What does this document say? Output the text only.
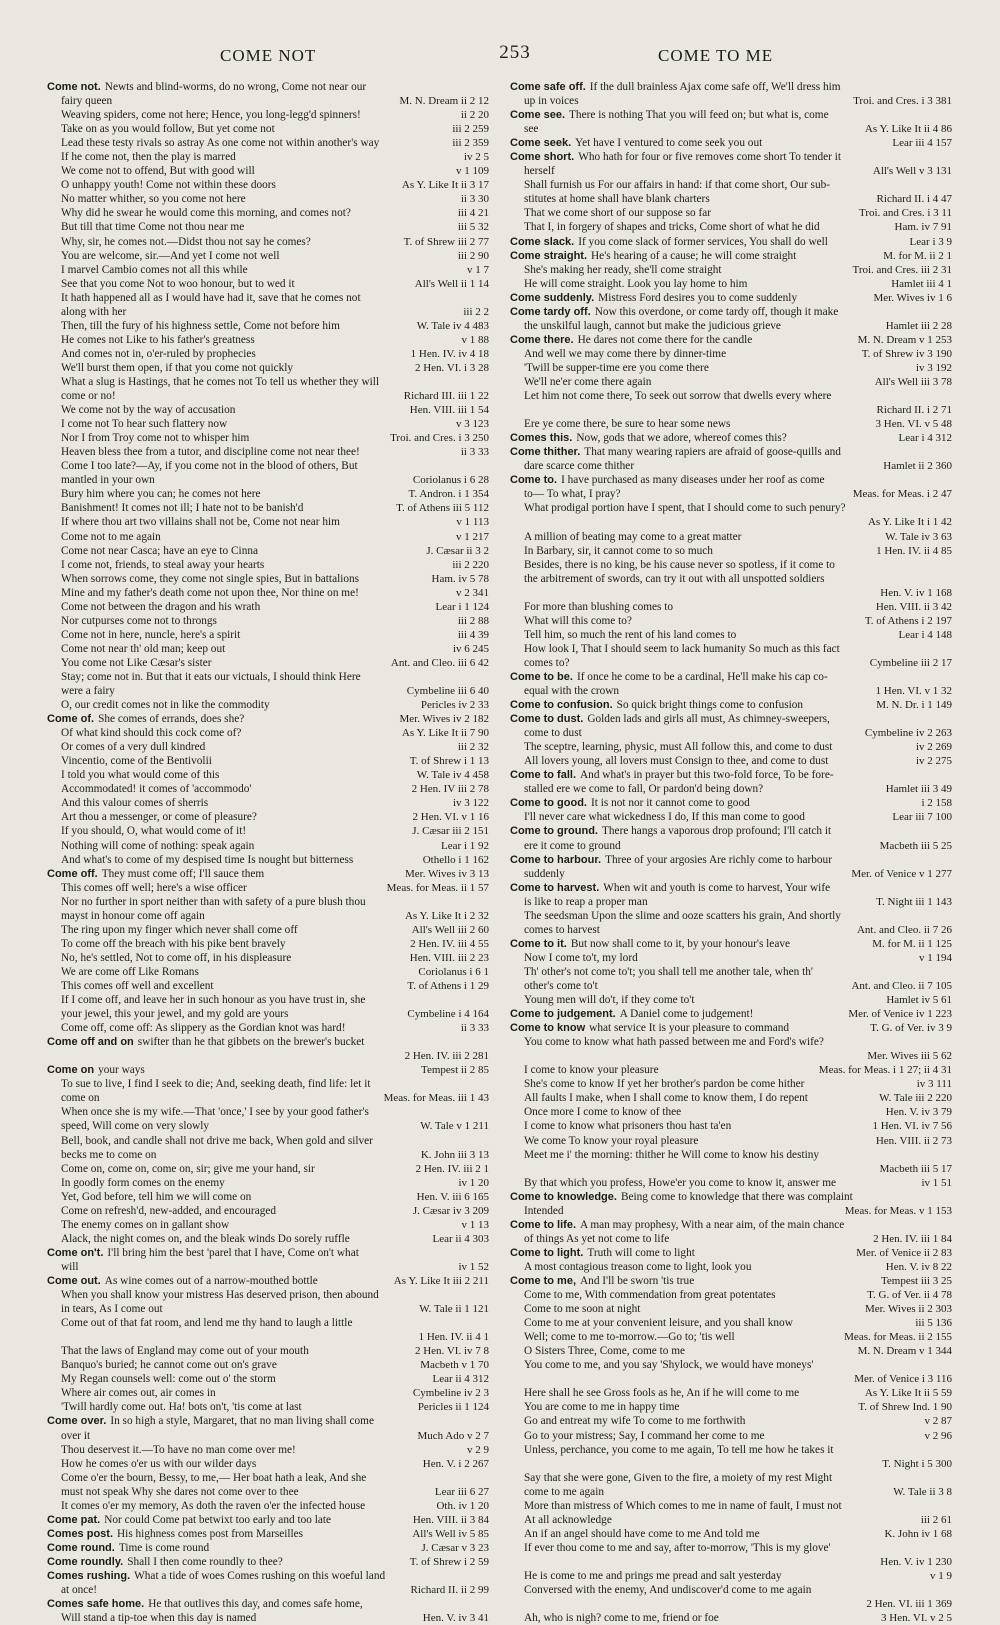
COME NOT	253	COME TO ME
Come not. Newts and blind-worms, do no wrong, Come not near our
fairy queen	M. N. Dream ii 2 12
Weaving spiders, come not here; Hence, you long-legg'd spinners!	ii 2 20
Take on as you would follow, But yet come not	iii 2 259
Lead these testy rivals so astray As one come not within another's way	iii 2 359
If he come not, then the play is marred	iv 2 5
We come not to offend, But with good will	v 1 109
O unhappy youth! Come not within these doors	As Y. Like It ii 3 17
No matter whither, so you come not here	ii 3 30
Why did he swear he would come this morning, and comes not?	iii 4 21
But till that time Come not thou near me	iii 5 32
Why, sir, he comes not.—Didst thou not say he comes?	T. of Shrew iii 2 77
You are welcome, sir.—And yet I come not well	iii 2 90
I marvel Cambio comes not all this while	v 1 7
See that you come Not to woo honour, but to wed it	All's Well ii 1 14
It hath happened all as I would have had it, save that he comes not
along with her	iii 2 2
Then, till the fury of his highness settle, Come not before him	W. Tale iv 4 483
He comes not Like to his father's greatness	v 1 88
And comes not in, o'er-ruled by prophecies	1 Hen. IV. iv 4 18
We'll burst them open, if that you come not quickly	2 Hen. VI. i 3 28
What a slug is Hastings, that he comes not To tell us whether they will
come or no!	Richard III. iii 1 22
We come not by the way of accusation	Hen. VIII. iii 1 54
I come not To hear such flattery now	v 3 123
Nor I from Troy come not to whisper him	Troi. and Cres. i 3 250
Heaven bless thee from a tutor, and discipline come not near thee!	ii 3 33
Come I too late?—Ay, if you come not in the blood of others, But
mantled in your own	Coriolanus i 6 28
Bury him where you can; he comes not here	T. Andron. i 1 354
Banishment! It comes not ill; I hate not to be banish'd	T. of Athens iii 5 112
If where thou art two villains shall not be, Come not near him	v 1 113
Come not to me again	v 1 217
Come not near Casca; have an eye to Cinna	J. Cæsar ii 3 2
I come not, friends, to steal away your hearts	iii 2 220
When sorrows come, they come not single spies, But in battalions	Ham. iv 5 78
Mine and my father's death come not upon thee, Nor thine on me!	v 2 341
Come not between the dragon and his wrath	Lear i 1 124
Nor cutpurses come not to throngs	iii 2 88
Come not in here, nuncle, here's a spirit	iii 4 39
Come not near th' old man; keep out	iv 6 245
You come not Like Cæsar's sister	Ant. and Cleo. iii 6 42
Stay; come not in. But that it eats our victuals, I should think Here
were a fairy	Cymbeline iii 6 40
O, our credit comes not in like the commodity	Pericles iv 2 33
Come of. She comes of errands, does she?	Mer. Wives iv 2 182
Of what kind should this cock come of?	As Y. Like It ii 7 90
Or comes of a very dull kindred	iii 2 32
Vincentio, come of the Bentivolii	T. of Shrew i 1 13
I told you what would come of this	W. Tale iv 4 458
Accommodated! it comes of 'accommodo'	2 Hen. IV iii 2 78
And this valour comes of sherris	iv 3 122
Art thou a messenger, or come of pleasure?	2 Hen. VI. v 1 16
If you should, O, what would come of it!	J. Cæsar iii 2 151
Nothing will come of nothing: speak again	Lear i 1 92
And what's to come of my despised time Is nought but bitterness	Othello i 1 162
Come off. They must come off; I'll sauce them	Mer. Wives iv 3 13
This comes off well; here's a wise officer	Meas. for Meas. ii 1 57
Nor no further in sport neither than with safety of a pure blush thou
mayst in honour come off again	As Y. Like It i 2 32
The ring upon my finger which never shall come off	All's Well iii 2 60
To come off the breach with his pike bent bravely	2 Hen. IV. iii 4 55
No, he's settled, Not to come off, in his displeasure	Hen. VIII. iii 2 23
We are come off Like Romans	Coriolanus i 6 1
This comes off well and excellent	T. of Athens i 1 29
If I come off, and leave her in such honour as you have trust in, she
your jewel, this your jewel, and my gold are yours	Cymbeline i 4 164
Come off, come off: As slippery as the Gordian knot was hard!	ii 3 33
Come off and on swifter than he that gibbets on the brewer's bucket
2 Hen. IV. iii 2 281
Come on your ways	Tempest ii 2 85
To sue to live, I find I seek to die; And, seeking death, find life: let it
come on	Meas. for Meas. iii 1 43
When once she is my wife.—That 'once,' I see by your good father's
speed, Will come on very slowly	W. Tale v 1 211
Bell, book, and candle shall not drive me back, When gold and silver
becks me to come on	K. John iii 3 13
Come on, come on, come on, sir; give me your hand, sir	2 Hen. IV. iii 2 1
In goodly form comes on the enemy	iv 1 20
Yet, God before, tell him we will come on	Hen. V. iii 6 165
Come on refresh'd, new-added, and encouraged	J. Cæsar iv 3 209
The enemy comes on in gallant show	v 1 13
Alack, the night comes on, and the bleak winds Do sorely ruffle	Lear ii 4 303
Come on't. I'll bring him the best 'parel that I have, Come on't what
will	iv 1 52
Come out. As wine comes out of a narrow-mouthed bottle	As Y. Like It iii 2 211
When you shall know your mistress Has deserved prison, then abound
in tears, As I come out	W. Tale ii 1 121
Come out of that fat room, and lend me thy hand to laugh a little
1 Hen. IV. ii 4 1
That the laws of England may come out of your mouth	2 Hen. VI. iv 7 8
Banquo's buried; he cannot come out on's grave	Macbeth v 1 70
My Regan counsels well: come out o' the storm	Lear ii 4 312
Where air comes out, air comes in	Cymbeline iv 2 3
'Twill hardly come out. Ha! bots on't, 'tis come at last	Pericles ii 1 124
Come over. In so high a style, Margaret, that no man living shall come
over it	Much Ado v 2 7
Thou deservest it.—To have no man come over me!	v 2 9
How he comes o'er us with our wilder days	Hen. V. i 2 267
Come o'er the bourn, Bessy, to me,— Her boat hath a leak, And she
must not speak Why she dares not come over to thee	Lear iii 6 27
It comes o'er my memory, As doth the raven o'er the infected house	Oth. iv 1 20
Come pat. Nor could Come pat betwixt too early and too late	Hen. VIII. ii 3 84
Comes post. His highness comes post from Marseilles	All's Well iv 5 85
Come round. Time is come round	J. Cæsar v 3 23
Come roundly. Shall I then come roundly to thee?	T. of Shrew i 2 59
Comes rushing. What a tide of woes Comes rushing on this woeful land
at once!	Richard II. ii 2 99
Comes safe home. He that outlives this day, and comes safe home,
Will stand a tip-toe when this day is named	Hen. V. iv 3 41
Come safe off. If the dull brainless Ajax come safe off, We'll dress him
up in voices	Troi. and Cres. i 3 381
Come see. There is nothing That you will feed on; but what is, come
see	As Y. Like It ii 4 86
Come seek. Yet have I ventured to come seek you out	Lear iii 4 157
Come short. Who hath for four or five removes come short To tender it
herself	All's Well v 3 131
Shall furnish us For our affairs in hand: if that come short, Our sub-
stitutes at home shall have blank charters	Richard II. i 4 47
That we come short of our suppose so far	Troi. and Cres. i 3 11
That I, in forgery of shapes and tricks, Come short of what he did	Ham. iv 7 91
Come slack. If you come slack of former services, You shall do well	Lear i 3 9
Come straight. He's hearing of a cause; he will come straight	M. for M. ii 2 1
She's making her ready, she'll come straight	Troi. and Cres. iii 2 31
He will come straight. Look you lay home to him	Hamlet iii 4 1
Come suddenly. Mistress Ford desires you to come suddenly	Mer. Wives iv 1 6
Come tardy off. Now this overdone, or come tardy off, though it make
the unskilful laugh, cannot but make the judicious grieve	Hamlet iii 2 28
Come there. He dares not come there for the candle	M. N. Dream v 1 253
And well we may come there by dinner-time	T. of Shrew iv 3 190
'Twill be supper-time ere you come there	iv 3 192
We'll ne'er come there again	All's Well iii 3 78
Let him not come there, To seek out sorrow that dwells every where
Richard II. i 2 71
Ere ye come there, be sure to hear some news	3 Hen. VI. v 5 48
Comes this. Now, gods that we adore, whereof comes this?	Lear i 4 312
Come thither. That many wearing rapiers are afraid of goose-quills and
dare scarce come thither	Hamlet ii 2 360
Come to. I have purchased as many diseases under her roof as come
to— To what, I pray?	Meas. for Meas. i 2 47
What prodigal portion have I spent, that I should come to such penury?
As Y. Like It i 1 42
A million of beating may come to a great matter	W. Tale iv 3 63
In Barbary, sir, it cannot come to so much	1 Hen. IV. ii 4 85
Besides, there is no king, be his cause never so spotless, if it come to
the arbitrement of swords, can try it out with all unspotted soldiers
Hen. V. iv 1 168
For more than blushing comes to	Hen. VIII. ii 3 42
What will this come to?	T. of Athens i 2 197
Tell him, so much the rent of his land comes to	Lear i 4 148
How look I, That I should seem to lack humanity So much as this fact
comes to?	Cymbeline iii 2 17
Come to be. If once he come to be a cardinal, He'll make his cap co-
equal with the crown	1 Hen. VI. v 1 32
Come to confusion. So quick bright things come to confusion	M. N. Dr. i 1 149
Come to dust. Golden lads and girls all must, As chimney-sweepers,
come to dust	Cymbeline iv 2 263
The sceptre, learning, physic, must All follow this, and come to dust	iv 2 269
All lovers young, all lovers must Consign to thee, and come to dust	iv 2 275
Come to fall. And what's in prayer but this two-fold force, To be fore-
stalled ere we come to fall, Or pardon'd being down?	Hamlet iii 3 49
Come to good. It is not nor it cannot come to good	i 2 158
I'll never care what wickedness I do, If this man come to good	Lear iii 7 100
Come to ground. There hangs a vaporous drop profound; I'll catch it
ere it come to ground	Macbeth iii 5 25
Come to harbour. Three of your argosies Are richly come to harbour
suddenly	Mer. of Venice v 1 277
Come to harvest. When wit and youth is come to harvest, Your wife
is like to reap a proper man	T. Night iii 1 143
The seedsman Upon the slime and ooze scatters his grain, And shortly
comes to harvest	Ant. and Cleo. ii 7 26
Come to it. But now shall come to it, by your honour's leave	M. for M. ii 1 125
Now I come to't, my lord	v 1 194
Th' other's not come to't; you shall tell me another tale, when th'
other's come to't	Ant. and Cleo. ii 7 105
Young men will do't, if they come to't	Hamlet iv 5 61
Come to judgement. A Daniel come to judgement!	Mer. of Venice iv 1 223
Come to know what service It is your pleasure to command	T. G. of Ver. iv 3 9
You come to know what hath passed between me and Ford's wife?
Mer. Wives iii 5 62
I come to know your pleasure	Meas. for Meas. i 1 27; ii 4 31
She's come to know If yet her brother's pardon be come hither	iv 3 111
All faults I make, when I shall come to know them, I do repent	W. Tale iii 2 220
Once more I come to know of thee	Hen. V. iv 3 79
I come to know what prisoners thou hast ta'en	1 Hen. VI. iv 7 56
We come To know your royal pleasure	Hen. VIII. ii 2 73
Meet me i' the morning: thither he Will come to know his destiny
Macbeth iii 5 17
By that which you profess, Howe'er you come to know it, answer me	iv 1 51
Come to knowledge. Being come to knowledge that there was complaint
Intended	Meas. for Meas. v 1 153
Come to life. A man may prophesy, With a near aim, of the main chance
of things As yet not come to life	2 Hen. IV. iii 1 84
Come to light. Truth will come to light	Mer. of Venice ii 2 83
A most contagious treason come to light, look you	Hen. V. iv 8 22
Come to me, And I'll be sworn 'tis true	Tempest iii 3 25
Come to me, With commendation from great potentates	T. G. of Ver. ii 4 78
Come to me soon at night	Mer. Wives ii 2 303
Come to me at your convenient leisure, and you shall know	iii 5 136
Well; come to me to-morrow.—Go to; 'tis well	Meas. for Meas. ii 2 155
O Sisters Three, Come, come to me	M. N. Dream v 1 344
You come to me, and you say 'Shylock, we would have moneys'
Mer. of Venice i 3 116
Here shall he see Gross fools as he, An if he will come to me	As Y. Like It ii 5 59
You are come to me in happy time	T. of Shrew Ind. 1 90
Go and entreat my wife To come to me forthwith	v 2 87
Go to your mistress; Say, I command her come to me	v 2 96
Unless, perchance, you come to me again, To tell me how he takes it
T. Night i 5 300
Say that she were gone, Given to the fire, a moiety of my rest Might
come to me again	W. Tale ii 3 8
More than mistress of Which comes to me in name of fault, I must not
At all acknowledge	iii 2 61
An if an angel should have come to me And told me	K. John iv 1 68
If ever thou come to me and say, after to-morrow, 'This is my glove'
Hen. V. iv 1 230
He is come to me and prings me pread and salt yesterday	v 1 9
Conversed with the enemy, And undiscover'd come to me again
2 Hen. VI. iii 1 369
Ah, who is nigh? come to me, friend or foe	3 Hen. VI. v 2 5
